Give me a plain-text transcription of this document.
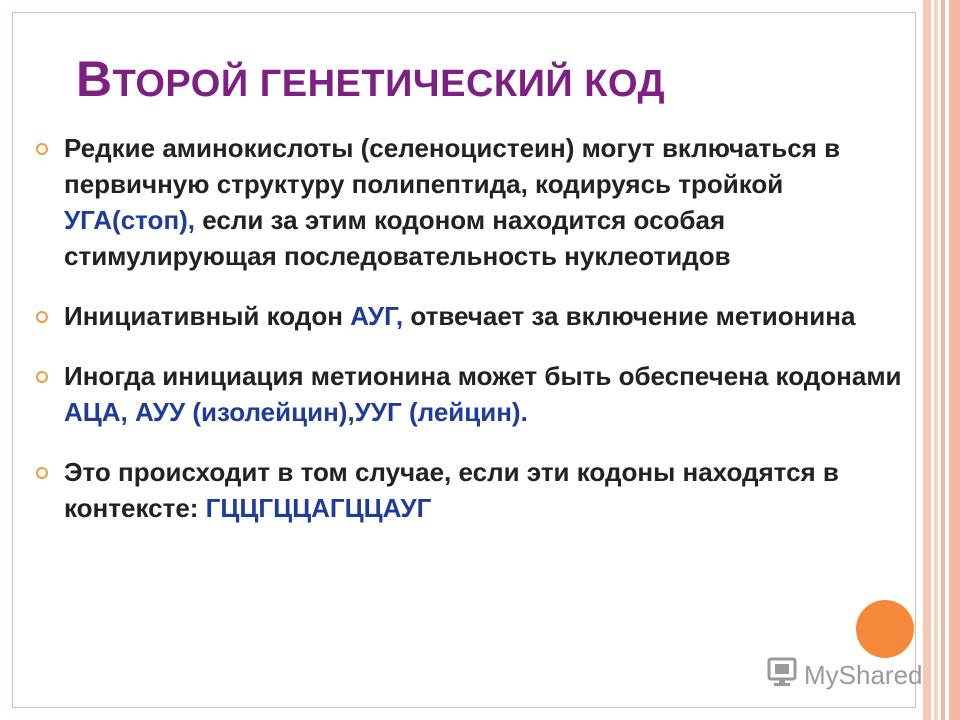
ВТОРОЙ ГЕНЕТИЧЕСКИЙ КОД
Редкие аминокислоты (селеноцистеин) могут включаться в первичную структуру полипептида, кодируясь тройкой УГА(стоп), если за этим кодоном находится особая стимулирующая последовательность нуклеотидов
Инициативный кодон АУГ, отвечает за включение метионина
Иногда инициация метионина может быть обеспечена кодонами АЦА, АУУ (изолейцин),УУГ (лейцин).
Это происходит в том случае, если эти кодоны находятся в контексте: ГЦЦГЦЦАГЦЦАУГ
MyShared
